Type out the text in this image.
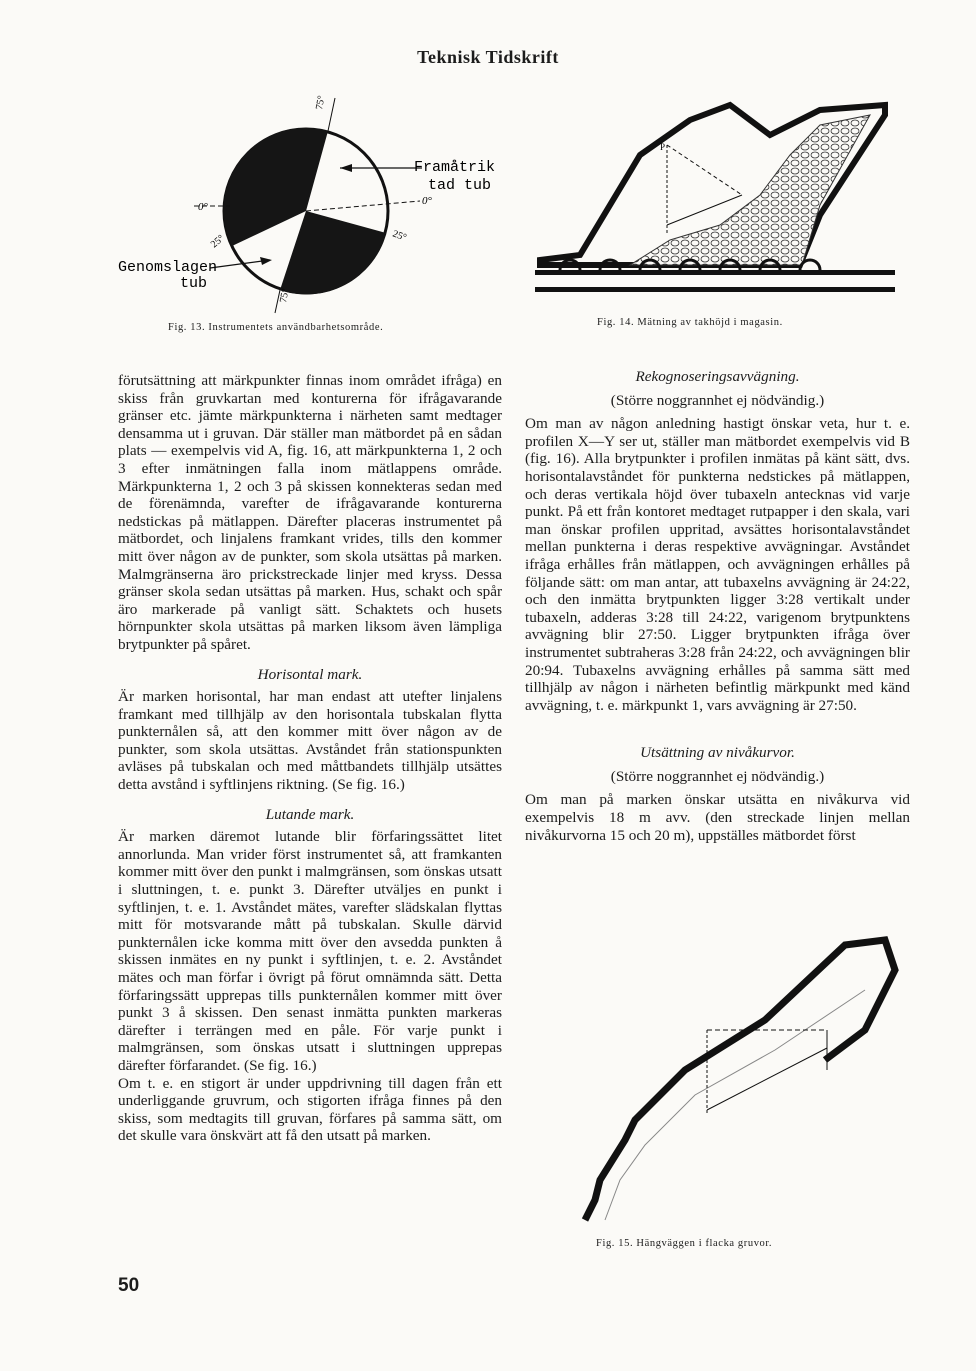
Teknisk Tidskrift
Framåtrik
tad tub
Genomslagen
tub
75°
75°
25°	25°
0°	0°
Fig. 13. Instrumentets användbarhetsområde.
P
Fig. 14. Mätning av takhöjd i magasin.

förutsättning att märkpunkter finnas inom området ifråga) en skiss från gruvkartan med konturerna för ifrågavarande gränser etc. jämte märkpunkterna i närheten samt medtager densamma ut i gruvan. Där ställer man mätbordet på en sådan plats — exempelvis vid A, fig. 16, att märkpunkterna 1, 2 och 3 efter inmätningen falla inom mätlappens område. Märkpunkterna 1, 2 och 3 på skissen konnekteras sedan med de förenämnda, varefter de ifrågavarande konturerna nedstickas på mätlappen. Därefter placeras instrumentet på mätbordet, och linjalens framkant vrides, tills den kommer mitt över någon av de punkter, som skola utsättas på marken. Malmgränserna äro prickstreckade linjer med kryss. Dessa gränser skola sedan utsättas på marken. Hus, schakt och spår äro markerade på vanligt sätt. Schaktets och husets hörnpunkter skola utsättas på marken liksom även lämpliga brytpunkter på spåret.

Horisontal mark.

Är marken horisontal, har man endast att utefter linjalens framkant med tillhjälp av den horisontala tubskalan flytta punkternålen så, att den kommer mitt över någon av de punkter, som skola utsättas. Avståndet från stationspunkten avläses på tubskalan och med måttbandets tillhjälp utsättes detta avstånd i syftlinjens riktning. (Se fig. 16.)

Lutande mark.

Är marken däremot lutande blir förfaringssättet litet annorlunda. Man vrider först instrumentet så, att framkanten kommer mitt över den punkt i malmgränsen, som önskas utsatt i sluttningen, t. e. punkt 3. Därefter utväljes en punkt i syftlinjen, t. e. 1. Avståndet mätes, varefter slädskalan flyttas mitt för motsvarande mått på tubskalan. Skulle därvid punkternålen icke komma mitt över den avsedda punkten å skissen inmätes en ny punkt i syftlinjen, t. e. 2. Avståndet mätes och man förfar i övrigt på förut omnämnda sätt. Detta förfaringssätt upprepas tills punkternålen kommer mitt över punkt 3 å skissen. Den senast inmätta punkten markeras därefter i terrängen med en påle. För varje punkt i malmgränsen, som önskas utsatt i sluttningen upprepas därefter förfarandet. (Se fig. 16.)

Om t. e. en stigort är under uppdrivning till dagen från ett underliggande gruvrum, och stigorten ifråga finnes på den skiss, som medtagits till gruvan, förfares på samma sätt, om det skulle vara önskvärt att få den utsatt på marken.

Rekognoseringsavvägning.

(Större noggrannhet ej nödvändig.)

Om man av någon anledning hastigt önskar veta, hur t. e. profilen X—Y ser ut, ställer man mätbordet exempelvis vid B (fig. 16). Alla brytpunkter i profilen inmätas på känt sätt, dvs. horisontalavståndet för punkterna nedstickes på mätlappen, och deras vertikala höjd över tubaxeln antecknas vid varje punkt. På ett från kontoret medtaget rutpapper i den skala, vari man önskar profilen uppritad, avsättes horisontalavståndet mellan punkterna i deras respektive avvägningar. Avståndet ifråga erhålles från mätlappen, och avvägningen erhålles på följande sätt: om man antar, att tubaxelns avvägning är 24:22, och den inmätta brytpunkten ligger 3:28 vertikalt under tubaxeln, adderas 3:28 till 24:22, varigenom brytpunktens avvägning blir 27:50. Ligger brytpunkten ifråga över instrumentet subtraheras 3:28 från 24:22, och avvägningen blir 20:94. Tubaxelns avvägning erhålles på samma sätt med tillhjälp av någon i närheten befintlig märkpunkt med känd avvägning, t. e. märkpunkt 1, vars avvägning är 27:50.

Utsättning av nivåkurvor.

(Större noggrannhet ej nödvändig.)

Om man på marken önskar utsätta en nivåkurva vid exempelvis 18 m avv. (den streckade linjen mellan nivåkurvorna 15 och 20 m), uppställes mätbordet först

Fig. 15. Hängväggen i flacka gruvor.
50
